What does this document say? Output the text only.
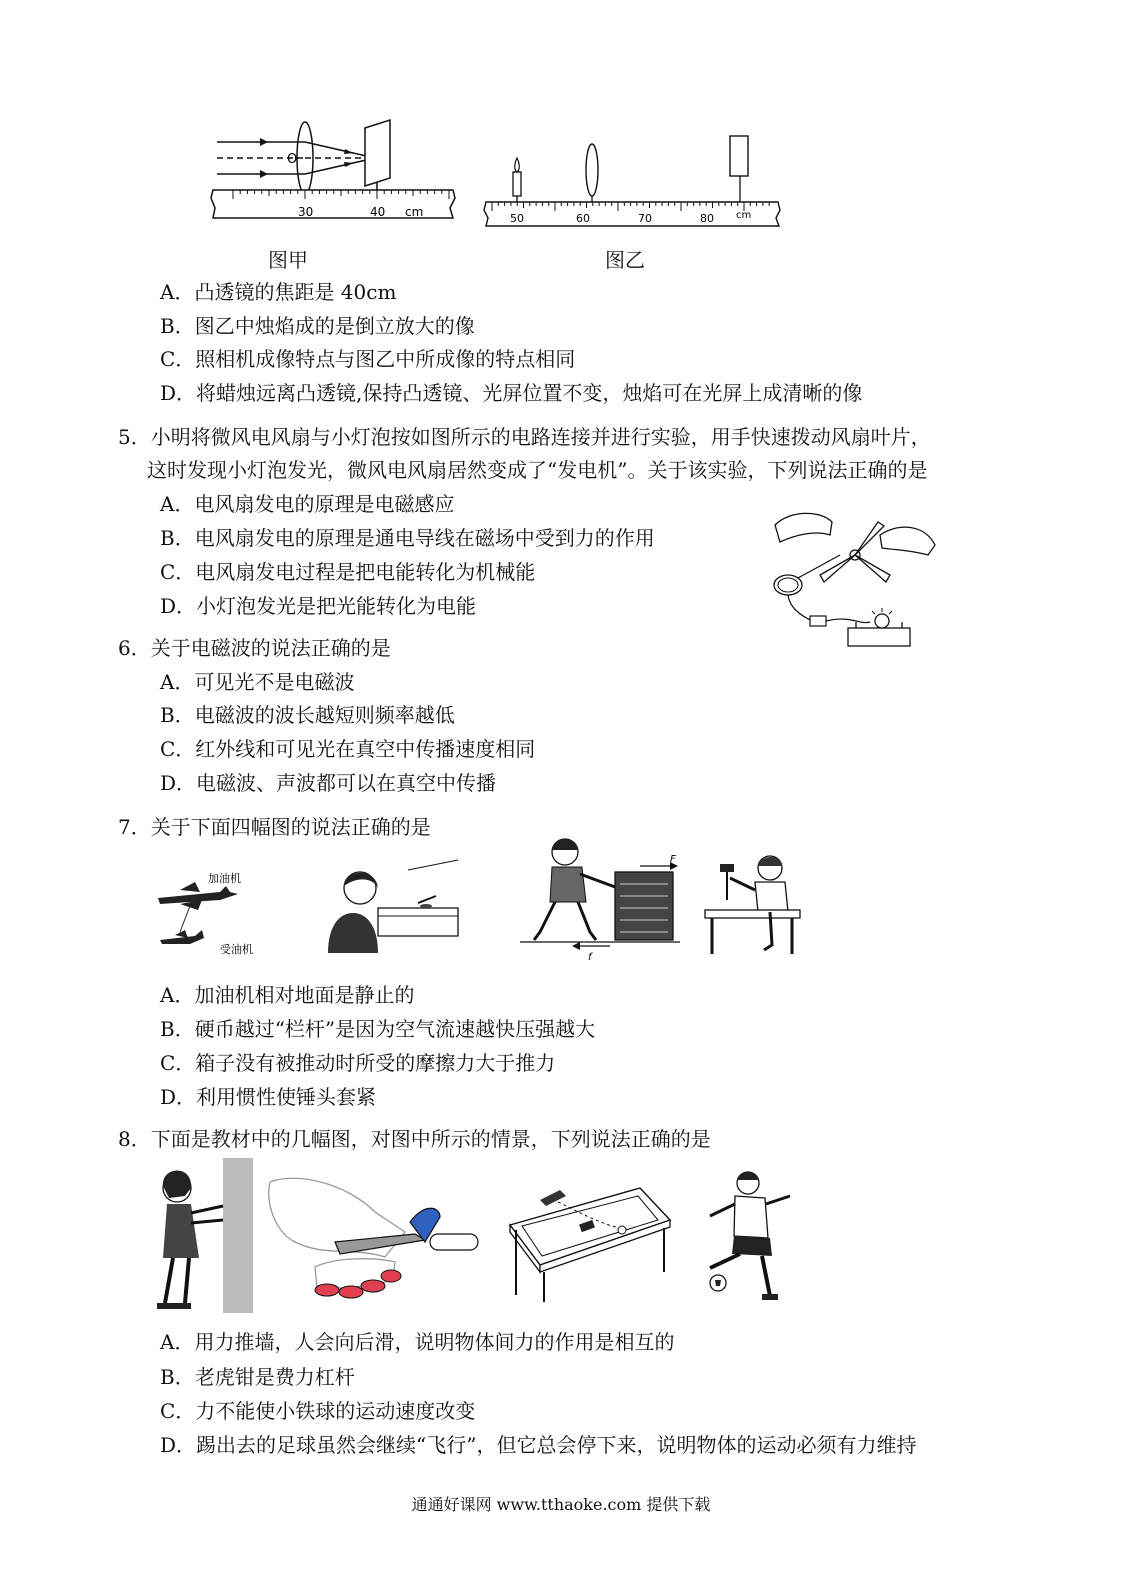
O
30	40 cm	50	60	70	80 cm
图甲	图乙
A．凸透镜的焦距是 40cm
B．图乙中烛焰成的是倒立放大的像
C．照相机成像特点与图乙中所成像的特点相同
D．将蜡烛远离凸透镜,保持凸透镜、光屏位置不变，烛焰可在光屏上成清晰的像
5．小明将微风电风扇与小灯泡按如图所示的电路连接并进行实验，用手快速拨动风扇叶片，
这时发现小灯泡发光，微风电风扇居然变成了“发电机”。关于该实验，下列说法正确的是
A．电风扇发电的原理是电磁感应
B．电风扇发电的原理是通电导线在磁场中受到力的作用
C．电风扇发电过程是把电能转化为机械能
D．小灯泡发光是把光能转化为电能
6．关于电磁波的说法正确的是
A．可见光不是电磁波
B．电磁波的波长越短则频率越低
C．红外线和可见光在真空中传播速度相同
D．电磁波、声波都可以在真空中传播
7．关于下面四幅图的说法正确的是
加油机
受油机
F
f
A．加油机相对地面是静止的
B．硬币越过“栏杆”是因为空气流速越快压强越大
C．箱子没有被推动时所受的摩擦力大于推力
D．利用惯性使锤头套紧
8．下面是教材中的几幅图，对图中所示的情景，下列说法正确的是
A．用力推墙，人会向后滑，说明物体间力的作用是相互的
B．老虎钳是费力杠杆
C．力不能使小铁球的运动速度改变
D．踢出去的足球虽然会继续“飞行”，但它总会停下来，说明物体的运动必须有力维持
通通好课网 www.tthaoke.com 提供下载
